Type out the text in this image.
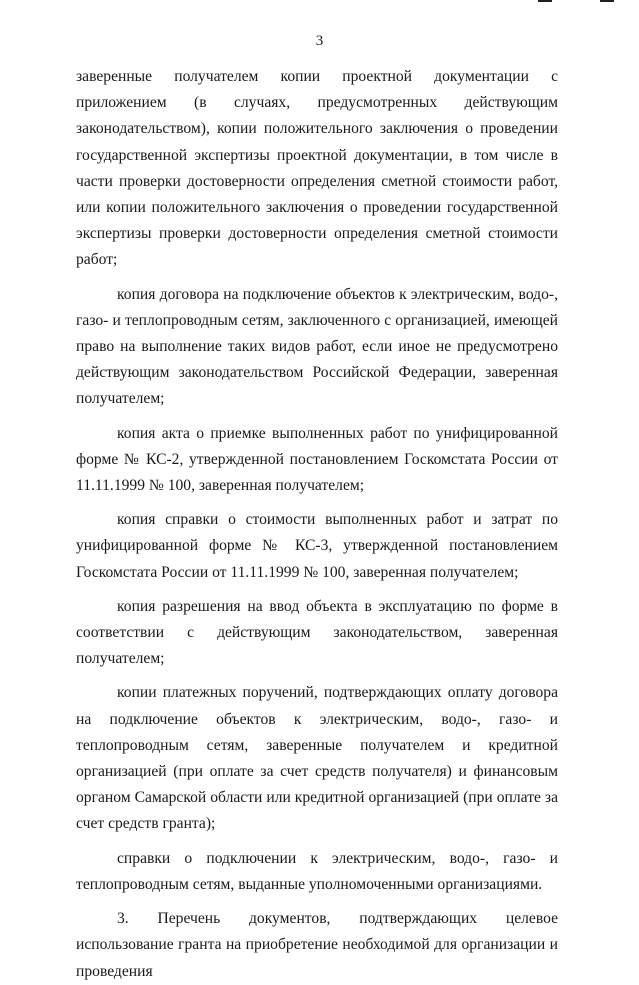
3

заверенные получателем копии проектной документации с приложением (в случаях, предусмотренных действующим законодательством), копии положительного заключения о проведении государственной экспертизы проектной документации, в том числе в части проверки достоверности определения сметной стоимости работ, или копии положительного заключения о проведении государственной экспертизы проверки достоверности определения сметной стоимости работ;

копия договора на подключение объектов к электрическим, водо-, газо- и теплопроводным сетям, заключенного с организацией, имеющей право на выполнение таких видов работ, если иное не предусмотрено действующим законодательством Российской Федерации, заверенная получателем;

копия акта о приемке выполненных работ по унифицированной форме № КС-2, утвержденной постановлением Госкомстата России от 11.11.1999 № 100, заверенная получателем;

копия справки о стоимости выполненных работ и затрат по унифицированной форме № КС-3, утвержденной постановлением Госкомстата России от 11.11.1999 № 100, заверенная получателем;

копия разрешения на ввод объекта в эксплуатацию по форме в соответствии с действующим законодательством, заверенная получателем;

копии платежных поручений, подтверждающих оплату договора на подключение объектов к электрическим, водо-, газо- и теплопроводным сетям, заверенные получателем и кредитной организацией (при оплате за счет средств получателя) и финансовым органом Самарской области или кредитной организацией (при оплате за счет средств гранта);

справки о подключении к электрическим, водо-, газо- и теплопроводным сетям, выданные уполномоченными организациями.

3. Перечень документов, подтверждающих целевое использование гранта на приобретение необходимой для организации и проведения
